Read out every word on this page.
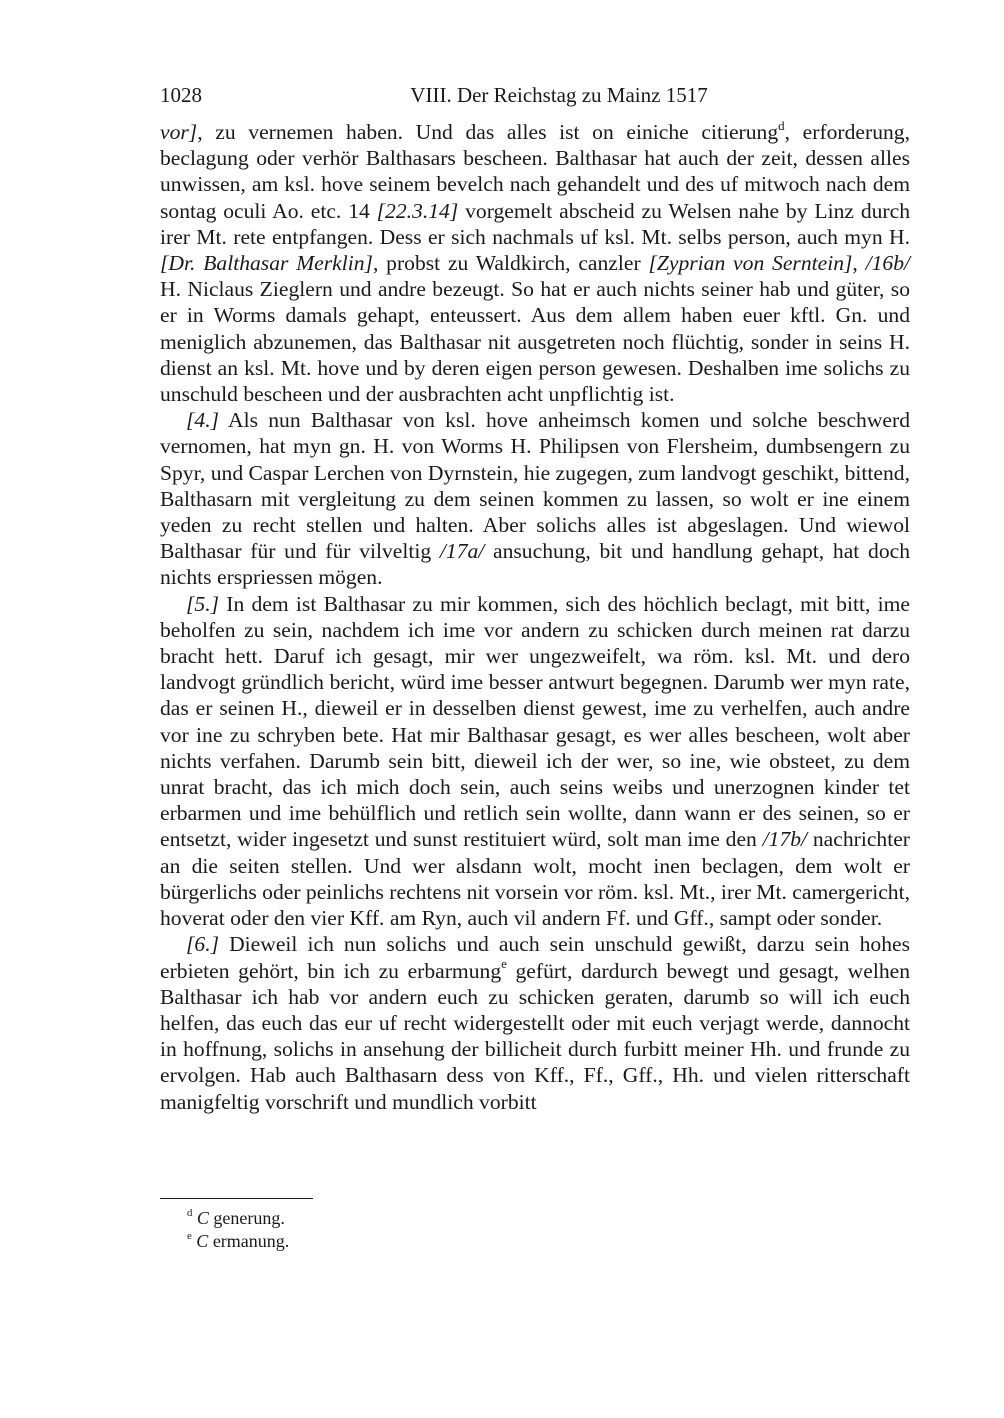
1028	VIII. Der Reichstag zu Mainz 1517

vor], zu vernemen haben. Und das alles ist on einiche citierung$^d$, erforderung, beclagung oder verhör Balthasars bescheen. Balthasar hat auch der zeit, dessen alles unwissen, am ksl. hove seinem bevelch nach gehandelt und des uf mitwoch nach dem sontag oculi Ao. etc. 14 [22.3.14] vorgemelt abscheid zu Welsen nahe by Linz durch irer Mt. rete entpfangen. Dess er sich nachmals uf ksl. Mt. selbs person, auch myn H. [Dr. Balthasar Merklin], probst zu Waldkirch, canzler [Zyprian von Serntein], /16b/ H. Niclaus Zieglern und andre bezeugt. So hat er auch nichts seiner hab und güter, so er in Worms damals gehapt, enteussert. Aus dem allem haben euer kftl. Gn. und meniglich abzunemen, das Balthasar nit ausgetreten noch flüchtig, sonder in seins H. dienst an ksl. Mt. hove und by deren eigen person gewesen. Deshalben ime solichs zu unschuld bescheen und der ausbrachten acht unpflichtig ist.

[4.] Als nun Balthasar von ksl. hove anheimsch komen und solche beschwerd vernomen, hat myn gn. H. von Worms H. Philipsen von Flersheim, dumbsengern zu Spyr, und Caspar Lerchen von Dyrnstein, hie zugegen, zum landvogt geschikt, bittend, Balthasarn mit vergleitung zu dem seinen kommen zu lassen, so wolt er ine einem yeden zu recht stellen und halten. Aber solichs alles ist abgeslagen. Und wiewol Balthasar für und für vilveltig /17a/ ansuchung, bit und handlung gehapt, hat doch nichts erspriessen mögen.

[5.] In dem ist Balthasar zu mir kommen, sich des höchlich beclagt, mit bitt, ime beholfen zu sein, nachdem ich ime vor andern zu schicken durch meinen rat darzu bracht hett. Daruf ich gesagt, mir wer ungezweifelt, wa röm. ksl. Mt. und dero landvogt gründlich bericht, würd ime besser antwurt begegnen. Darumb wer myn rate, das er seinen H., dieweil er in desselben dienst gewest, ime zu verhelfen, auch andre vor ine zu schryben bete. Hat mir Balthasar gesagt, es wer alles bescheen, wolt aber nichts verfahen. Darumb sein bitt, dieweil ich der wer, so ine, wie obsteet, zu dem unrat bracht, das ich mich doch sein, auch seins weibs und unerzognen kinder tet erbarmen und ime behülflich und retlich sein wollte, dann wann er des seinen, so er entsetzt, wider ingesetzt und sunst restituiert würd, solt man ime den /17b/ nachrichter an die seiten stellen. Und wer alsdann wolt, mocht inen beclagen, dem wolt er bürgerlichs oder peinlichs rechtens nit vorsein vor röm. ksl. Mt., irer Mt. camergericht, hoverat oder den vier Kff. am Ryn, auch vil andern Ff. und Gff., sampt oder sonder.

[6.] Dieweil ich nun solichs und auch sein unschuld gewißt, darzu sein hohes erbieten gehört, bin ich zu erbarmung$^e$ gefürt, dardurch bewegt und gesagt, welhen Balthasar ich hab vor andern euch zu schicken geraten, darumb so will ich euch helfen, das euch das eur uf recht widergestellt oder mit euch verjagt werde, dannocht in hoffnung, solichs in ansehung der billicheit durch furbitt meiner Hh. und frunde zu ervolgen. Hab auch Balthasarn dess von Kff., Ff., Gff., Hh. und vielen ritterschaft manigfeltig vorschrift und mundlich vorbitt

$^d$ C generung.

$^e$ C ermanung.
